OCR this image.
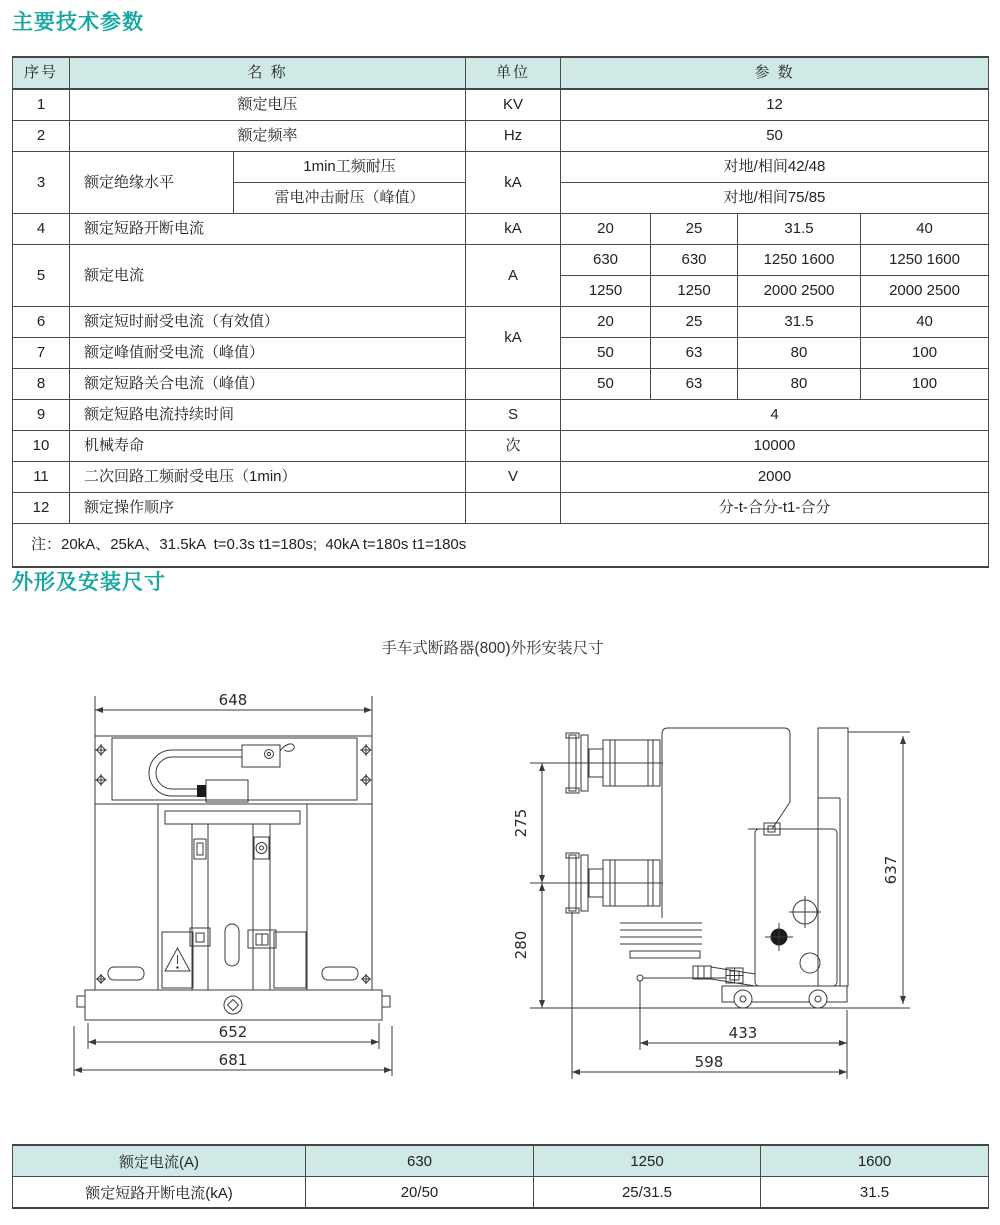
主要技术参数
序号	名 称		单位	参 数			
1	额定电压		KV	12			
2	额定频率		Hz	50			
3	额定绝缘水平	1min工频耐压	kA	对地/相间42/48			
		雷电冲击耐压（峰值）		对地/相间75/85			
4	额定短路开断电流		kA	20	25	31.5	40
5	额定电流		A	630	630	1250 1600	1250 1600
				1250	1250	2000 2500	2000 2500
6	额定短时耐受电流（有效值）		kA	20	25	31.5	40
7	额定峰值耐受电流（峰值）			50	63	80	100
8	额定短路关合电流（峰值）			50	63	80	100
9	额定短路电流持续时间		S	4			
10	机械寿命		次	10000			
11	二次回路工频耐受电压（1min）		V	2000			
12	额定操作顺序			分-t-合分-t1-合分			
注：20kA、25kA、31.5kA  t=0.3s t1=180s;  40kA t=180s t1=180s							
外形及安装尺寸
手车式断路器(800)外形安装尺寸
648
652
681
275
280
637
433
598
额定电流(A)	630	1250	1600
额定短路开断电流(kA)	20/50	25/31.5	31.5
